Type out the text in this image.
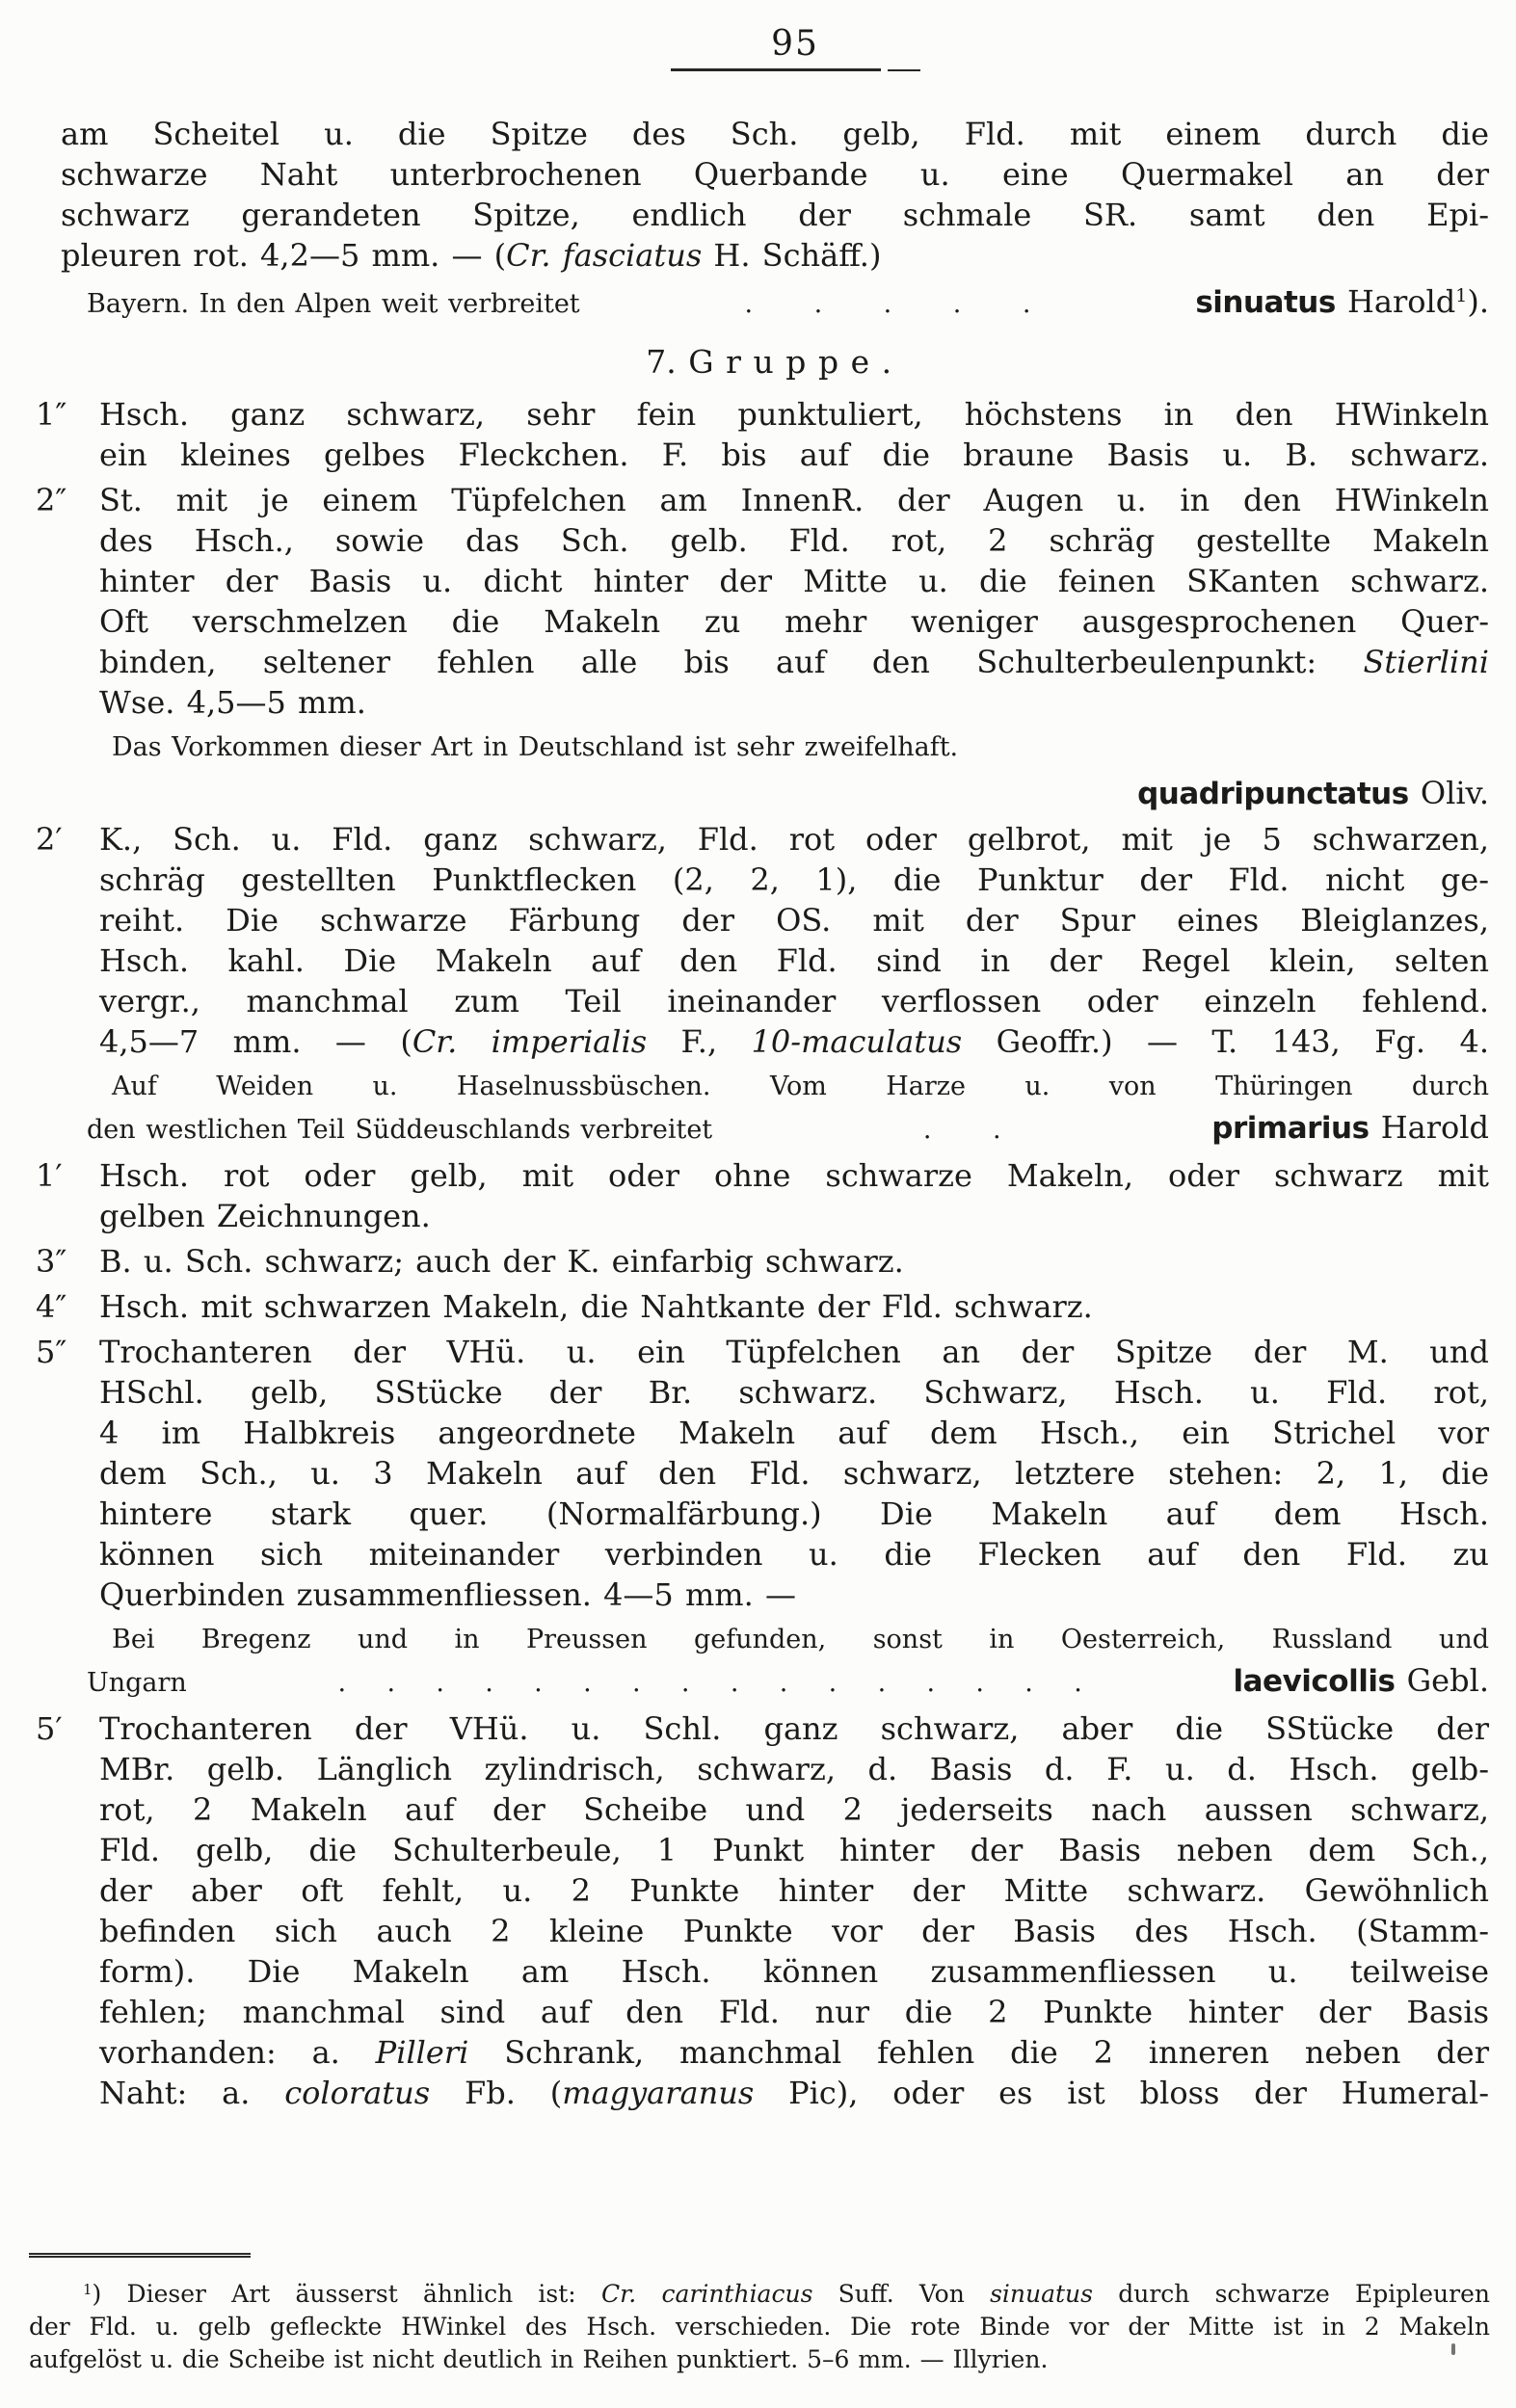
95
am Scheitel u. die Spitze des Sch. gelb, Fld. mit einem durch die
schwarze Naht unterbrochenen Querbande u. eine Quermakel an der
schwarz gerandeten Spitze, endlich der schmale SR. samt den Epi-
pleuren rot. 4,2—5 mm. — (Cr. fasciatus H. Schäff.)
Bayern. In den Alpen weit verbreitet	.      .      .      .      .	sinuatus Harold$^1$).
7. Gruppe.
1″ Hsch. ganz schwarz, sehr fein punktuliert, höchstens in den HWinkeln
ein kleines gelbes Fleckchen. F. bis auf die braune Basis u. B. schwarz.
2″ St. mit je einem Tüpfelchen am InnenR. der Augen u. in den HWinkeln
des Hsch., sowie das Sch. gelb. Fld. rot, 2 schräg gestellte Makeln
hinter der Basis u. dicht hinter der Mitte u. die feinen SKanten schwarz.
Oft verschmelzen die Makeln zu mehr weniger ausgesprochenen Quer-
binden, seltener fehlen alle bis auf den Schulterbeulenpunkt: Stierlini
Wse. 4,5—5 mm.
Das Vorkommen dieser Art in Deutschland ist sehr zweifelhaft.
quadripunctatus Oliv.
2′ K., Sch. u. Fld. ganz schwarz, Fld. rot oder gelbrot, mit je 5 schwarzen,
schräg gestellten Punktflecken (2, 2, 1), die Punktur der Fld. nicht ge-
reiht. Die schwarze Färbung der OS. mit der Spur eines Bleiglanzes,
Hsch. kahl. Die Makeln auf den Fld. sind in der Regel klein, selten
vergr., manchmal zum Teil ineinander verflossen oder einzeln fehlend.
4,5—7 mm. — (Cr. imperialis F., 10-maculatus Geoffr.) — T. 143, Fg. 4.
Auf Weiden u. Haselnussbüschen. Vom Harze u. von Thüringen durch
den westlichen Teil Süddeuschlands verbreitet	.      .	primarius Harold
1′ Hsch. rot oder gelb, mit oder ohne schwarze Makeln, oder schwarz mit
gelben Zeichnungen.
3″ B. u. Sch. schwarz; auch der K. einfarbig schwarz.
4″ Hsch. mit schwarzen Makeln, die Nahtkante der Fld. schwarz.
5″ Trochanteren der VHü. u. ein Tüpfelchen an der Spitze der M. und
HSchl. gelb, SStücke der Br. schwarz. Schwarz, Hsch. u. Fld. rot,
4 im Halbkreis angeordnete Makeln auf dem Hsch., ein Strichel vor
dem Sch., u. 3 Makeln auf den Fld. schwarz, letztere stehen: 2, 1, die
hintere stark quer. (Normalfärbung.) Die Makeln auf dem Hsch.
können sich miteinander verbinden u. die Flecken auf den Fld. zu
Querbinden zusammenfliessen. 4—5 mm. —
Bei Bregenz und in Preussen gefunden, sonst in Oesterreich, Russland und
Ungarn	.    .    .    .    .    .    .    .    .    .    .    .    .    .    .    .	laevicollis Gebl.
5′ Trochanteren der VHü. u. Schl. ganz schwarz, aber die SStücke der
MBr. gelb. Länglich zylindrisch, schwarz, d. Basis d. F. u. d. Hsch. gelb-
rot, 2 Makeln auf der Scheibe und 2 jederseits nach aussen schwarz,
Fld. gelb, die Schulterbeule, 1 Punkt hinter der Basis neben dem Sch.,
der aber oft fehlt, u. 2 Punkte hinter der Mitte schwarz. Gewöhnlich
befinden sich auch 2 kleine Punkte vor der Basis des Hsch. (Stamm-
form). Die Makeln am Hsch. können zusammenfliessen u. teilweise
fehlen; manchmal sind auf den Fld. nur die 2 Punkte hinter der Basis
vorhanden: a. Pilleri Schrank, manchmal fehlen die 2 inneren neben der
Naht: a. coloratus Fb. (magyaranus Pic), oder es ist bloss der Humeral-
$^1$) Dieser Art äusserst ähnlich ist: Cr. carinthiacus Suff. Von sinuatus durch schwarze Epipleuren
der Fld. u. gelb gefleckte HWinkel des Hsch. verschieden. Die rote Binde vor der Mitte ist in 2 Makeln
aufgelöst u. die Scheibe ist nicht deutlich in Reihen punktiert. 5–6 mm. — Illyrien.
